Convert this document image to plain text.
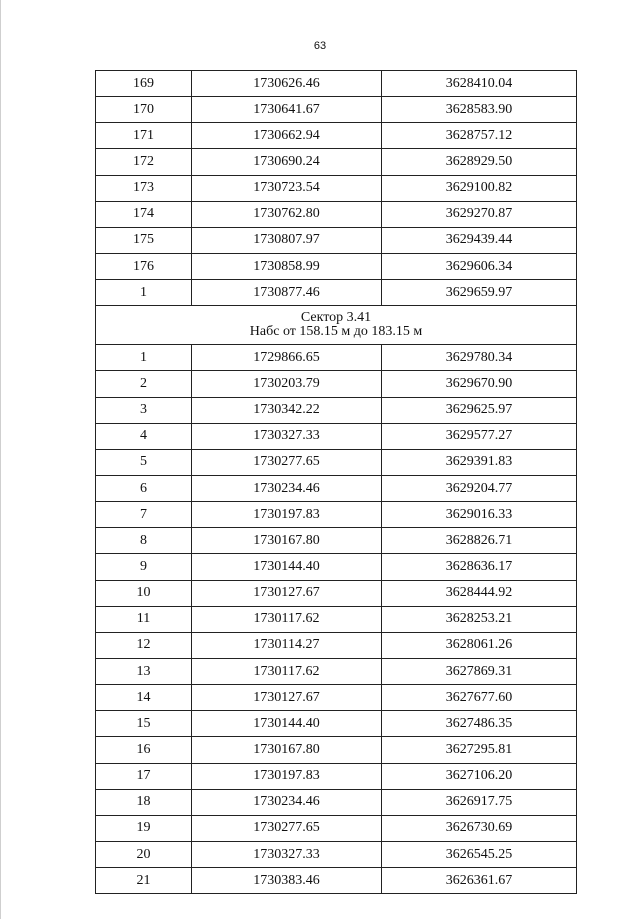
63
169	1730626.46	3628410.04
170	1730641.67	3628583.90
171	1730662.94	3628757.12
172	1730690.24	3628929.50
173	1730723.54	3629100.82
174	1730762.80	3629270.87
175	1730807.97	3629439.44
176	1730858.99	3629606.34
1	1730877.46	3629659.97

Сектор 3.41
Набс от 158.15 м до 183.15 м		

1	1729866.65	3629780.34
2	1730203.79	3629670.90
3	1730342.22	3629625.97
4	1730327.33	3629577.27
5	1730277.65	3629391.83
6	1730234.46	3629204.77
7	1730197.83	3629016.33
8	1730167.80	3628826.71
9	1730144.40	3628636.17
10	1730127.67	3628444.92
11	1730117.62	3628253.21
12	1730114.27	3628061.26
13	1730117.62	3627869.31
14	1730127.67	3627677.60
15	1730144.40	3627486.35
16	1730167.80	3627295.81
17	1730197.83	3627106.20
18	1730234.46	3626917.75
19	1730277.65	3626730.69
20	1730327.33	3626545.25
21	1730383.46	3626361.67
